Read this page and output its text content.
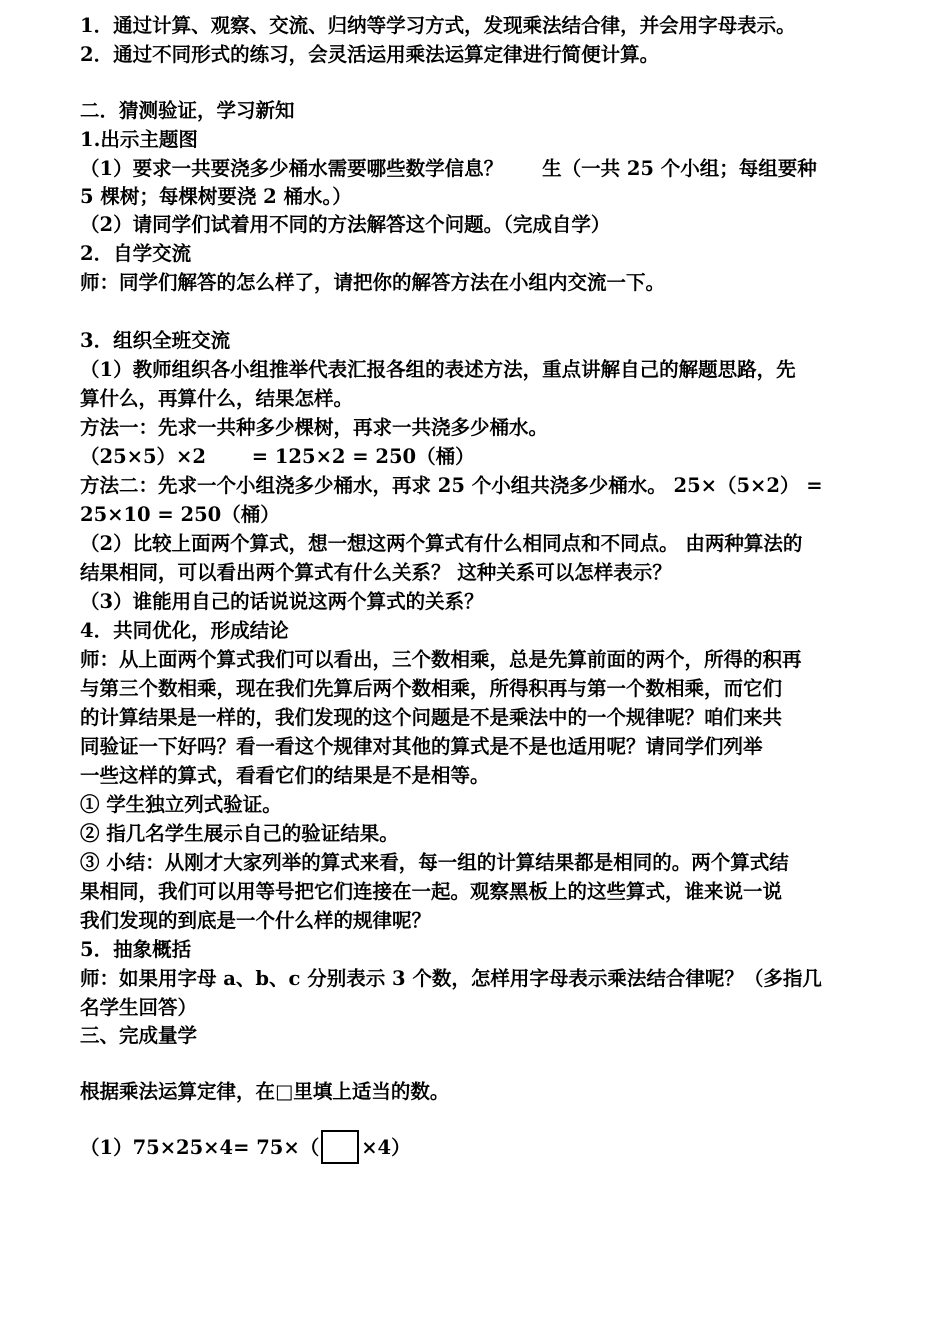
1．通过计算、观察、交流、归纳等学习方式，发现乘法结合律，并会用字母表示。
2．通过不同形式的练习，会灵活运用乘法运算定律进行简便计算。
二．猜测验证，学习新知
1.出示主题图
（1）要求一共要浇多少桶水需要哪些数学信息？　　生（一共 25 个小组；每组要种
5 棵树；每棵树要浇 2 桶水。）
（2）请同学们试着用不同的方法解答这个问题。（完成自学）
2．自学交流
师：同学们解答的怎么样了，请把你的解答方法在小组内交流一下。
3．组织全班交流
（1）教师组织各小组推举代表汇报各组的表述方法，重点讲解自己的解题思路，先
算什么，再算什么，结果怎样。
方法一：先求一共种多少棵树，再求一共浇多少桶水。
（25×5）×2　　 = 125×2 = 250（桶）
方法二：先求一个小组浇多少桶水，再求 25 个小组共浇多少桶水。 25×（5×2） =
25×10 = 250（桶）
（2）比较上面两个算式，想一想这两个算式有什么相同点和不同点。 由两种算法的
结果相同，可以看出两个算式有什么关系？ 这种关系可以怎样表示？
（3）谁能用自己的话说说这两个算式的关系？
4．共同优化，形成结论
师：从上面两个算式我们可以看出，三个数相乘，总是先算前面的两个，所得的积再
与第三个数相乘，现在我们先算后两个数相乘，所得积再与第一个数相乘，而它们
的计算结果是一样的，我们发现的这个问题是不是乘法中的一个规律呢？咱们来共
同验证一下好吗？看一看这个规律对其他的算式是不是也适用呢？请同学们列举
一些这样的算式，看看它们的结果是不是相等。
① 学生独立列式验证。
② 指几名学生展示自己的验证结果。
③ 小结：从刚才大家列举的算式来看，每一组的计算结果都是相同的。两个算式结
果相同，我们可以用等号把它们连接在一起。观察黑板上的这些算式，谁来说一说
我们发现的到底是一个什么样的规律呢？
5．抽象概括
师：如果用字母 a、b、c 分别表示 3 个数，怎样用字母表示乘法结合律呢？（多指几
名学生回答）
三、完成量学
根据乘法运算定律，在□里填上适当的数。
（1）75×25×4= 75×（ ×4）
